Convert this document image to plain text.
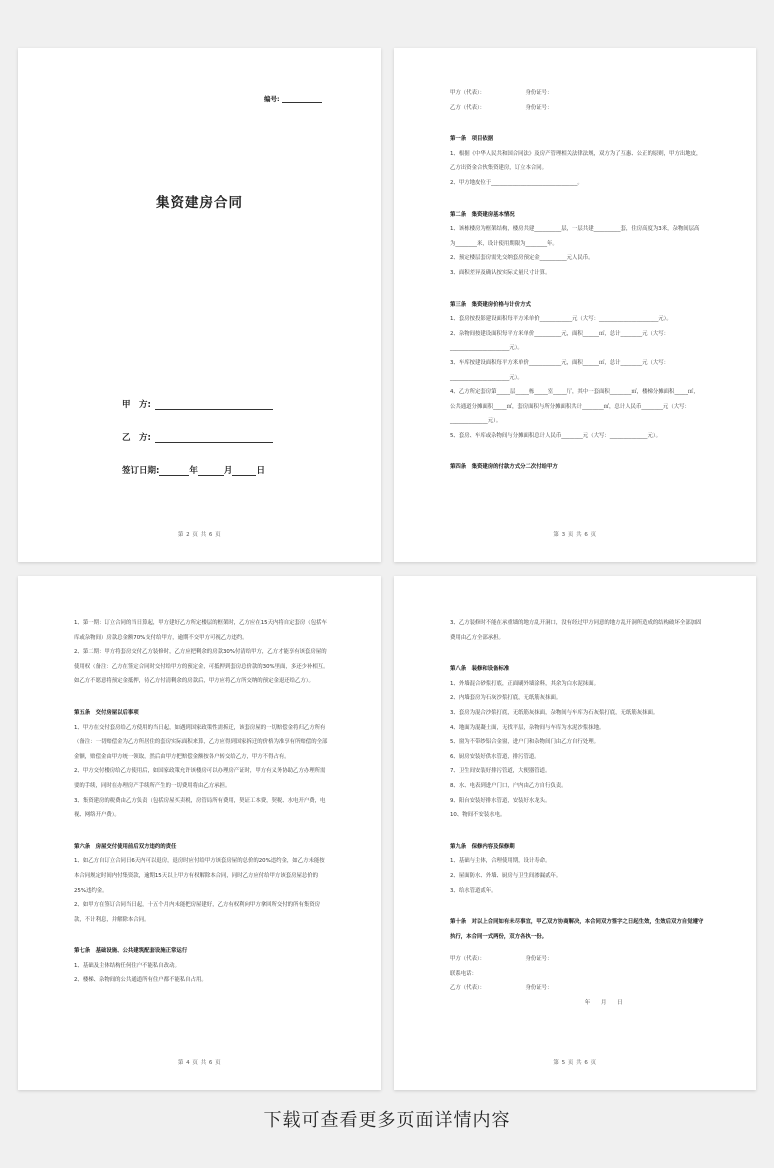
编号:
集资建房合同
甲　方:
乙　方:
签订日期:	年	月	日
第 2 页 共 6 页

甲方（代表）：　　　　　　　　身份证号：

乙方（代表）：　　　　　　　　身份证号：

第一条　项目依据

1、根据《中华人民共和国合同法》及房产管理相关法律法规，双方为了互惠、公正的原则，甲方出地皮，乙方出资金合伙集资建房，订立本合同。

2、甲方地皮位于________________________________。

第二条　集资建房基本情况

1、该栋楼房为框架结构，楼房共建__________层，一层共建__________套，住房高度为3米，杂物间层高为________米，设计使用期限为________年。

2、预定楼层套房需先交纳套房预定金__________元人民币。

3、面积差异及确认按实际丈量尺寸计算。

第三条　集资建房价格与计价方式

1、套房按投影建设面积每平方米单价____________元（大写：______________________元）。

2、杂物间按建设面积每平方米单价__________元，面积______㎡，总计________元（大写：______________________元）。

3、车库按建设面积每平方米单价____________元，面积______㎡，总计________元（大写：______________________元）。

4、乙方所定套房第_____层_____栋_____室_____厅，其中一套面积________㎡，楼梯分摊面积_____㎡，公共通道分摊面积_____㎡，套房面积与所分摊面积共计________㎡，总计人民币________元（大写：______________元）。

5、套房、车库或杂物间与分摊面积总计人民币________元（大写：______________元）。

第四条　集资建房的付款方式分二次付给甲方

第 3 页 共 6 页

1、第一期：订立合同的当日算起，甲方建好乙方所定楼层的框架时，乙方应在15天内将自定套房（包括车库或杂物间）房款总金额70%支付给甲方，逾期不交甲方可视乙方违约。

2、第二期：甲方将套房交付乙方装修时，乙方应把剩余的房款30%付清给甲方，乙方才能享有该套房屋的使用权（备注：乙方在签定合同时交付给甲方的预定金，可抵押到套房总价款的30%里面，多还少补相互。如乙方不愿意将预定金抵押，待乙方付清剩余的房款后，甲方应将乙方所交纳的预定金退还给乙方）。

第五条　交付房屋以后事项

1、甲方在交付套房给乙方使用的当日起，如遇到国家政策性需拆迁，该套房屋的一切赔偿金将归乙方所有（备注：一切赔偿金为乙方所居住的套房实际面积来算，乙方应得到国家拆迁的价格为准享有所赔偿的全部金额，赔偿金由甲方统一领取，然后由甲方把赔偿金额按各户转交给乙方，甲方不得占有。

2、甲方交付楼房给乙方使用后，如国家政策允许该楼房可以办理房产证时，甲方有义务协助乙方办理所需要的手续，同时在办理房产手续所产生的一切费用将由乙方承担。

3、集资建房的税费由乙方负责（包括房屋买卖税，房管局所有费用，契证工本费，契税、水电开户费，电视、网络开户费）。

第六条　房屋交付使用前后双方违约的责任

1、如乙方自订立合同日6天内可以退房，退房时应付给甲方该套房屋的总价的20%违约金，如乙方未能按本合同规定时间内付集资款，逾期15天以上甲方有权解除本合同，同时乙方应付给甲方该套房屋总价的25%违约金。

2、如甲方在签订合同当日起，十五个月内未能把房屋建好，乙方有权利向甲方拿回所交付的所有集资房款，不计利息，并解除本合同。

第七条　基础设施、公共建筑配套设施正常运行

1、基础及主体结构任何住户不能私自改动。

2、楼梯、杂物间的公共通道所有住户都不能私自占用。

第 4 页 共 6 页

3、乙方装修时不能在承重墙的地方乱开洞口，没有经过甲方同意的地方乱开洞所造成的结构破坏全部加固费用由乙方全部承担。

第八条　装修和设备标准

1、外墙混合砂浆打底，正面刷外墙涂料，其余为白水泥抹面。

2、内墙套房为石灰沙浆打底，无纸筋灰抹面。

3、套房为混合沙浆打底，无纸筋灰抹面，杂物间与车库为石灰浆打底，无纸筋灰抹面。

4、地面为混凝土面，无找平层，杂物间与车库为水泥沙浆抹地。

5、窗为不带纱铝合金窗，进户门和杂物间门由乙方自行处理。

6、厨房安装好供水管道，排污管道。

7、卫生间安装好排污管道，大便器管道。

8、水、电表到进户门口，户内由乙方自行负责。

9、阳台安装好排水管道，安装好水龙头。

10、物间不安装水电。

第九条　保修内容及保修期

1、基础与主体，合理使用期，设计寿命。

2、屋面防水、外墙、厨房与卫生间渗漏贰年。

3、给水管道贰年。

第十条　对以上合同如有未尽事宜，甲乙双方协商解决，本合同双方签字之日起生效，生效后双方自觉遵守执行，本合同一式两份，双方各执一份。

甲方（代表）：　　　　　　　　身份证号：

联系电话：

乙方（代表）：　　　　　　　　身份证号：

　　　　　　　　　　　　　　　　　　　　　　　　　年　　月　　日

第 5 页 共 6 页
下载可查看更多页面详情内容
